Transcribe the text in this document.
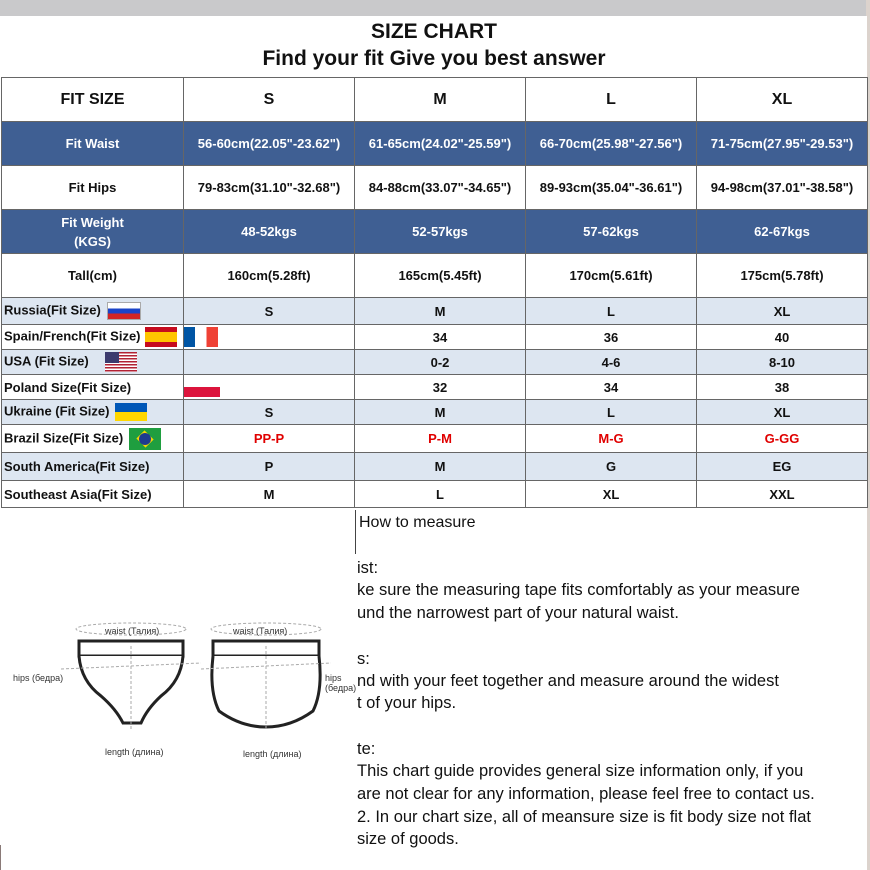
SIZE CHART
Find your fit Give you best answer
FIT SIZE	S	M	L	XL
Fit Waist	56-60cm(22.05"-23.62")	61-65cm(24.02"-25.59")	66-70cm(25.98"-27.56")	71-75cm(27.95"-29.53")
Fit Hips	79-83cm(31.10"-32.68")	84-88cm(33.07"-34.65")	89-93cm(35.04"-36.61")	94-98cm(37.01"-38.58")
Fit Weight
(KGS)	48-52kgs	52-57kgs	57-62kgs	62-67kgs
Tall(cm)	160cm(5.28ft)	165cm(5.45ft)	170cm(5.61ft)	175cm(5.78ft)
Russia(Fit Size)	S	M	L	XL
Spain/French(Fit Size)		34	36	40
USA (Fit Size)		0-2	4-6	8-10
Poland Size(Fit Size)		32	34	38
Ukraine (Fit Size)	S	M	L	XL
Brazil Size(Fit Size)	PP-P	P-M	M-G	G-GG
South America(Fit Size)	P	M	G	EG
Southeast Asia(Fit Size)	M	L	XL	XXL
How to measure
ist:
ke sure the measuring tape fits comfortably as your measure
und the narrowest part of your natural waist.
s:
nd with your feet together and measure around the widest
t of your hips.
te:
This chart guide provides general size information only, if you
are not clear for any information, please feel free to contact us.
2. In our chart size, all of meansure size is fit body size not flat
size of goods.
waist (Талия)	waist (Талия)
hips (бедра)	hips (бедра)
length (длина)	length (длина)
